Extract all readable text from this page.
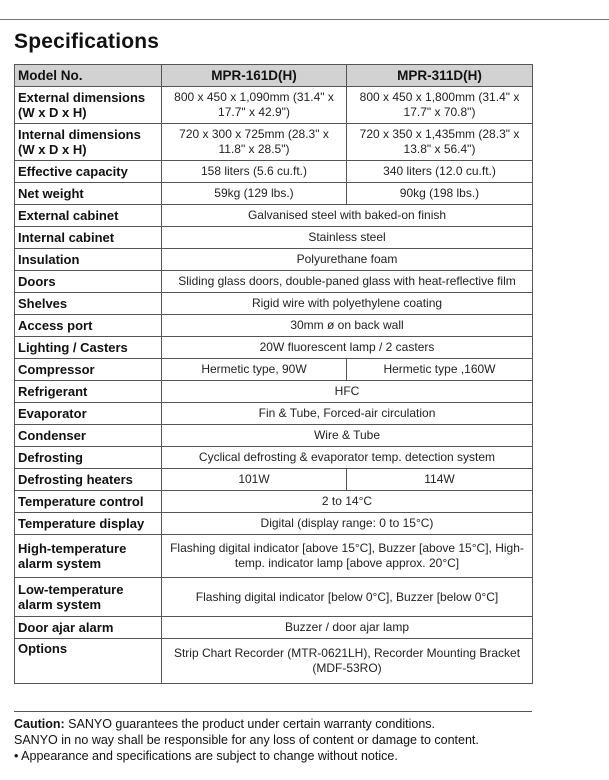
Specifications
Model No.	MPR-161D(H)	MPR-311D(H)
External dimensions (W x D x H)	800 x 450 x 1,090mm (31.4" x 17.7" x 42.9")	800 x 450 x 1,800mm (31.4" x 17.7" x 70.8")
Internal dimensions (W x D x H)	720 x 300 x 725mm (28.3" x 11.8" x 28.5")	720 x 350 x 1,435mm (28.3" x 13.8" x 56.4")
Effective capacity	158 liters (5.6 cu.ft.)	340 liters (12.0 cu.ft.)
Net weight	59kg (129 lbs.)	90kg (198 lbs.)
External cabinet	Galvanised steel with baked-on finish	
Internal cabinet	Stainless steel	
Insulation	Polyurethane foam	
Doors	Sliding glass doors, double-paned glass with heat-reflective film	
Shelves	Rigid wire with polyethylene coating	
Access port	30mm ø on back wall	
Lighting / Casters	20W fluorescent lamp / 2 casters	
Compressor	Hermetic type, 90W	Hermetic type ,160W
Refrigerant	HFC	
Evaporator	Fin & Tube, Forced-air circulation	
Condenser	Wire & Tube	
Defrosting	Cyclical defrosting & evaporator temp. detection system	
Defrosting heaters	101W	114W
Temperature control	2 to 14°C	
Temperature display	Digital (display range: 0 to 15°C)	
High-temperature alarm system	Flashing digital indicator [above 15°C], Buzzer [above 15°C], High-temp. indicator lamp [above approx. 20°C]	
Low-temperature alarm system	Flashing digital indicator [below 0°C], Buzzer [below 0°C]	
Door ajar alarm	Buzzer / door ajar lamp	
Options	Strip Chart Recorder (MTR-0621LH), Recorder Mounting Bracket (MDF-53RO)	
Caution: SANYO guarantees the product under certain warranty conditions.
SANYO in no way shall be responsible for any loss of content or damage to content.
• Appearance and specifications are subject to change without notice.
